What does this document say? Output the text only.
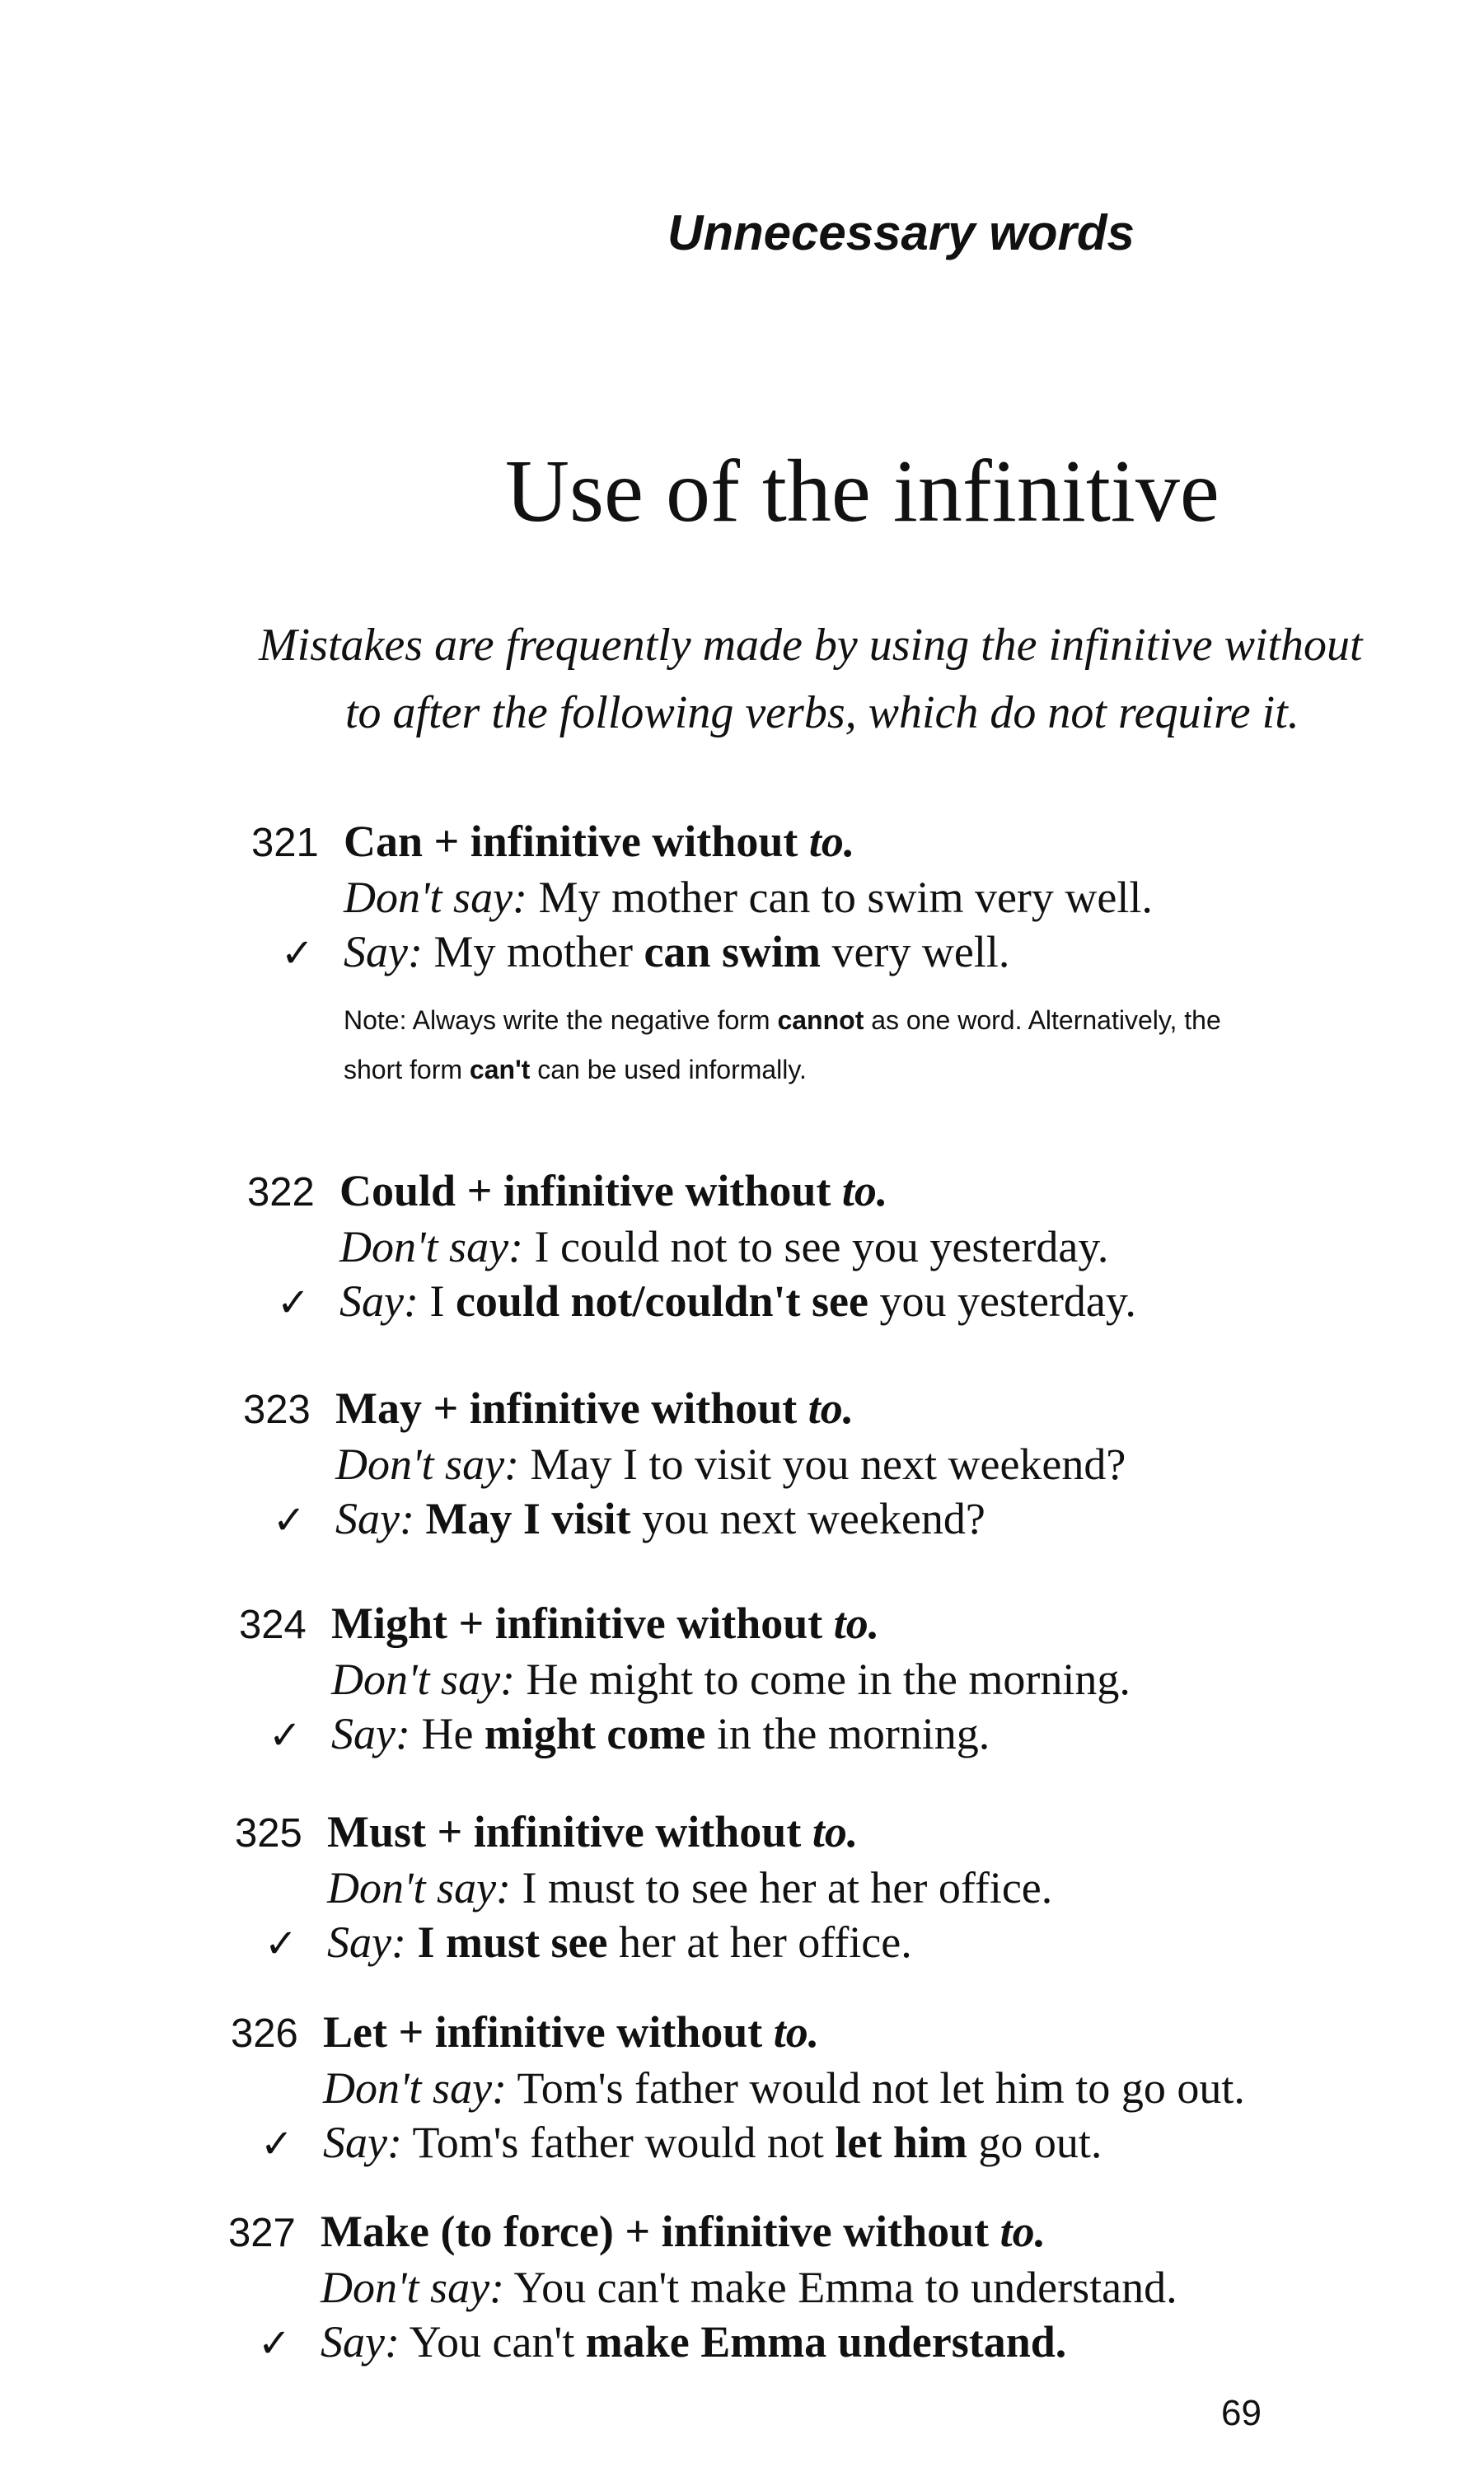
Unnecessary words
Use of the infinitive
Mistakes are frequently made by using the infinitive without
to after the following verbs, which do not require it.
321 Can + infinitive without to.
Don't say: My mother can to swim very well.
✓ Say: My mother can swim very well.
Note: Always write the negative form cannot as one word. Alternatively, the
short form can't can be used informally.
322 Could + infinitive without to.
Don't say: I could not to see you yesterday.
✓ Say: I could not/couldn't see you yesterday.
323 May + infinitive without to.
Don't say: May I to visit you next weekend?
✓ Say: May I visit you next weekend?
324 Might + infinitive without to.
Don't say: He might to come in the morning.
✓ Say: He might come in the morning.
325 Must + infinitive without to.
Don't say: I must to see her at her office.
✓ Say: I must see her at her office.
326 Let + infinitive without to.
Don't say: Tom's father would not let him to go out.
✓ Say: Tom's father would not let him go out.
327 Make (to force) + infinitive without to.
Don't say: You can't make Emma to understand.
✓ Say: You can't make Emma understand.
69
